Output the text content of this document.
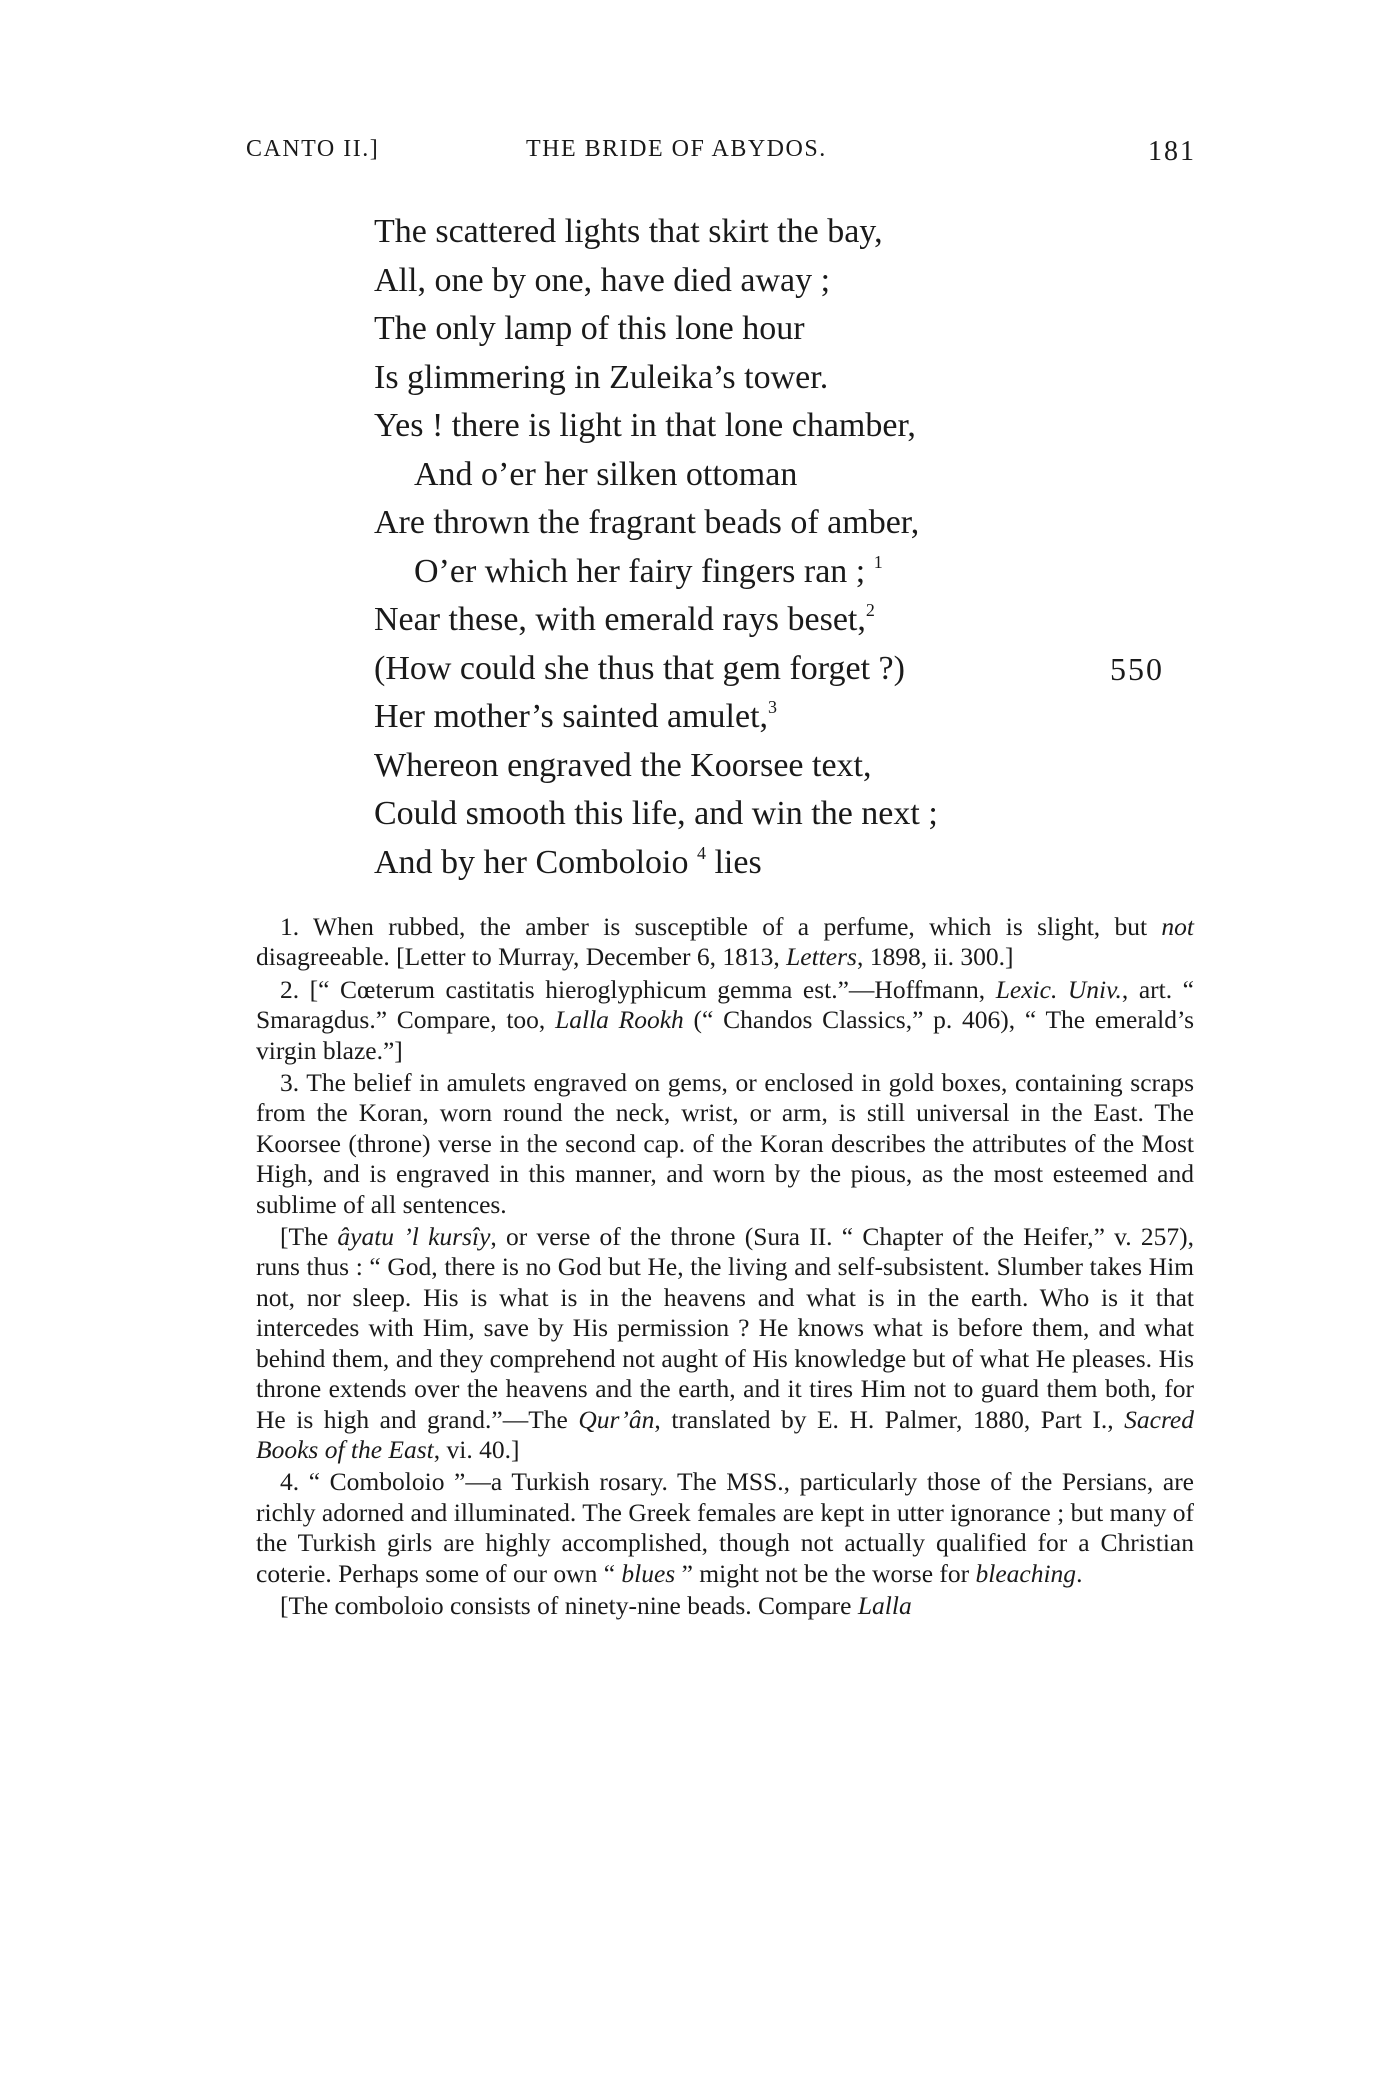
CANTO II.]	THE BRIDE OF ABYDOS.	181
The scattered lights that skirt the bay,
All, one by one, have died away ;
The only lamp of this lone hour
Is glimmering in Zuleika’s tower.
Yes ! there is light in that lone chamber,
And o’er her silken ottoman
Are thrown the fragrant beads of amber,
O’er which her fairy fingers ran ; $^1$
Near these, with emerald rays beset,$^2$
(How could she thus that gem forget ?)	550
Her mother’s sainted amulet,$^3$
Whereon engraved the Koorsee text,
Could smooth this life, and win the next ;
And by her Comboloio $^4$ lies

1. When rubbed, the amber is susceptible of a perfume, which is slight, but not disagreeable. [Letter to Murray, December 6, 1813, Letters, 1898, ii. 300.]

2. [“ Cœterum castitatis hieroglyphicum gemma est.”—Hoffmann, Lexic. Univ., art. “ Smaragdus.” Compare, too, Lalla Rookh (“ Chandos Classics,” p. 406), “ The emerald’s virgin blaze.”]

3. The belief in amulets engraved on gems, or enclosed in gold boxes, containing scraps from the Koran, worn round the neck, wrist, or arm, is still universal in the East. The Koorsee (throne) verse in the second cap. of the Koran describes the attributes of the Most High, and is engraved in this manner, and worn by the pious, as the most esteemed and sublime of all sentences.

[The âyatu ’l kursîy, or verse of the throne (Sura II. “ Chapter of the Heifer,” v. 257), runs thus : “ God, there is no God but He, the living and self-subsistent. Slumber takes Him not, nor sleep. His is what is in the heavens and what is in the earth. Who is it that intercedes with Him, save by His permission ? He knows what is before them, and what behind them, and they comprehend not aught of His knowledge but of what He pleases. His throne extends over the heavens and the earth, and it tires Him not to guard them both, for He is high and grand.”—The Qur’ân, translated by E. H. Palmer, 1880, Part I., Sacred Books of the East, vi. 40.]

4. “ Comboloio ”—a Turkish rosary. The MSS., particularly those of the Persians, are richly adorned and illuminated. The Greek females are kept in utter ignorance ; but many of the Turkish girls are highly accomplished, though not actually qualified for a Christian coterie. Perhaps some of our own “ blues ” might not be the worse for bleaching.

[The comboloio consists of ninety-nine beads. Compare Lalla
